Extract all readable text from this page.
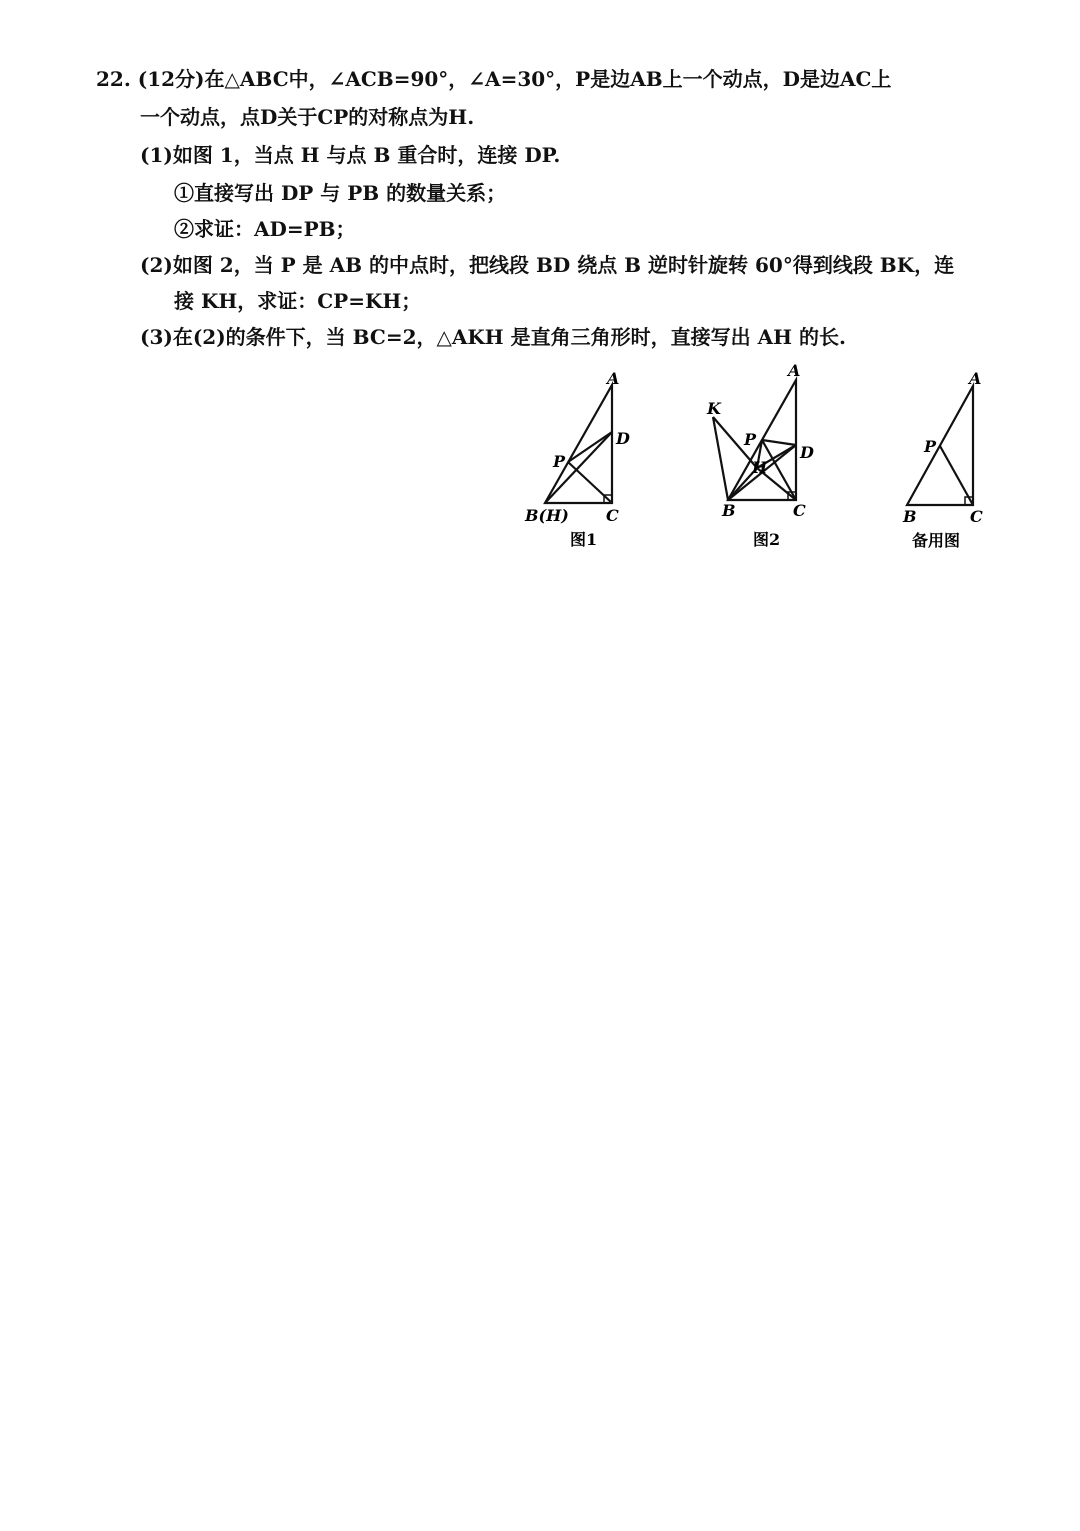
22. (12分)在△ABC中，∠ACB=90°，∠A=30°，P是边AB上一个动点，D是边AC上
一个动点，点D关于CP的对称点为H.
(1)如图 1，当点 H 与点 B 重合时，连接 DP.
①直接写出 DP 与 PB 的数量关系；
②求证：AD=PB；
(2)如图 2，当 P 是 AB 的中点时，把线段 BD 绕点 B 逆时针旋转 60°得到线段 BK，连
接 KH，求证：CP=KH；
(3)在(2)的条件下，当 BC=2，△AKH 是直角三角形时，直接写出 AH 的长.
A
D
P
B(H) C
图1
A
K
P
D
H
B	C
图2
A
P
B	C
备用图
